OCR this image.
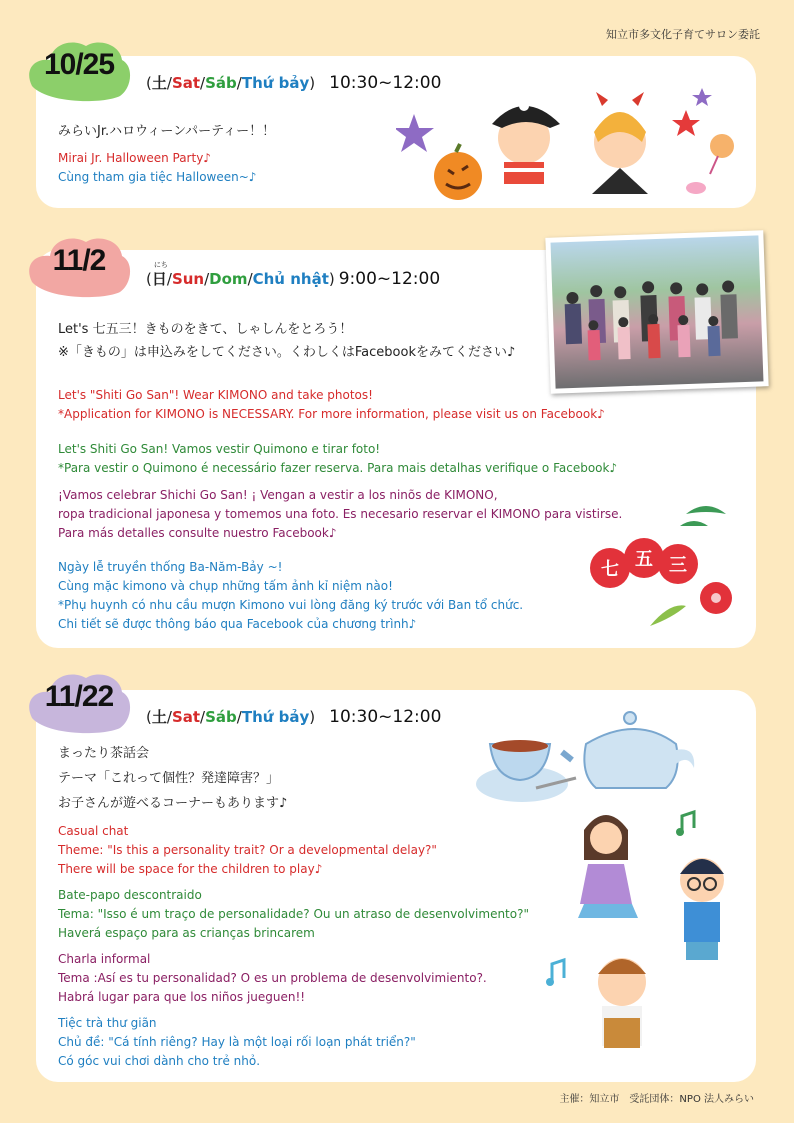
知立市多文化子育てサロン委託
10/25
11/2
11/22
(土/Sat/Sáb/Thứ bảy) 10:30~12:00
(
にち
日/Sun/Dom/Chủ nhật) 9:00~12:00
(土/Sat/Sáb/Thứ bảy) 10:30~12:00
みらいJr.ハロウィーンパーティー！！
Mirai Jr. Halloween Party♪
Cùng tham gia tiệc Halloween~♪
Let's 七五三！きものをきて、しゃしんをとろう！
※「きもの」は申込みをしてください。くわしくはFacebookをみてください♪
Let's "Shiti Go San"! Wear KIMONO and take photos!
*Application for KIMONO is NECESSARY. For more information, please visit us on Facebook♪
Let's Shiti Go San! Vamos vestir Quimono e tirar foto!
*Para vestir o Quimono é necessário fazer reserva. Para mais detalhas verifique o Facebook♪
¡Vamos celebrar Shichi Go San! ¡ Vengan a vestir a los ninõs de KIMONO,
ropa tradicional japonesa y tomemos una foto. Es necesario reservar el KIMONO para vistirse.
Para más detalles consulte nuestro Facebook♪
Ngày lễ truyền thống Ba-Năm-Bảy ~!
Cùng mặc kimono và chụp những tấm ảnh kỉ niệm nào!
*Phụ huynh có nhu cầu mượn Kimono vui lòng đăng ký trước với Ban tổ chức.
Chi tiết sẽ được thông báo qua Facebook của chương trình♪
まったり茶話会
テーマ「これって個性？発達障害？」
お子さんが遊べるコーナーもあります♪
Casual chat
Theme: "Is this a personality trait? Or a developmental delay?"
There will be space for the children to play♪
Bate-papo descontraido
Tema: "Isso é um traço de personalidade? Ou un atraso de desenvolvimento?"
Haverá espaço para as crianças brincarem
Charla informal
Tema :Así es tu personalidad? O es un problema de desenvolvimiento?.
Habrá lugar para que los niños jueguen!!
Tiệc trà thư giãn
Chủ đề: "Cá tính riêng? Hay là một loại rối loạn phát triển?"
Có góc vui chơi dành cho trẻ nhỏ.
七 五 三
主催：知立市　受託団体：NPO 法人みらい
